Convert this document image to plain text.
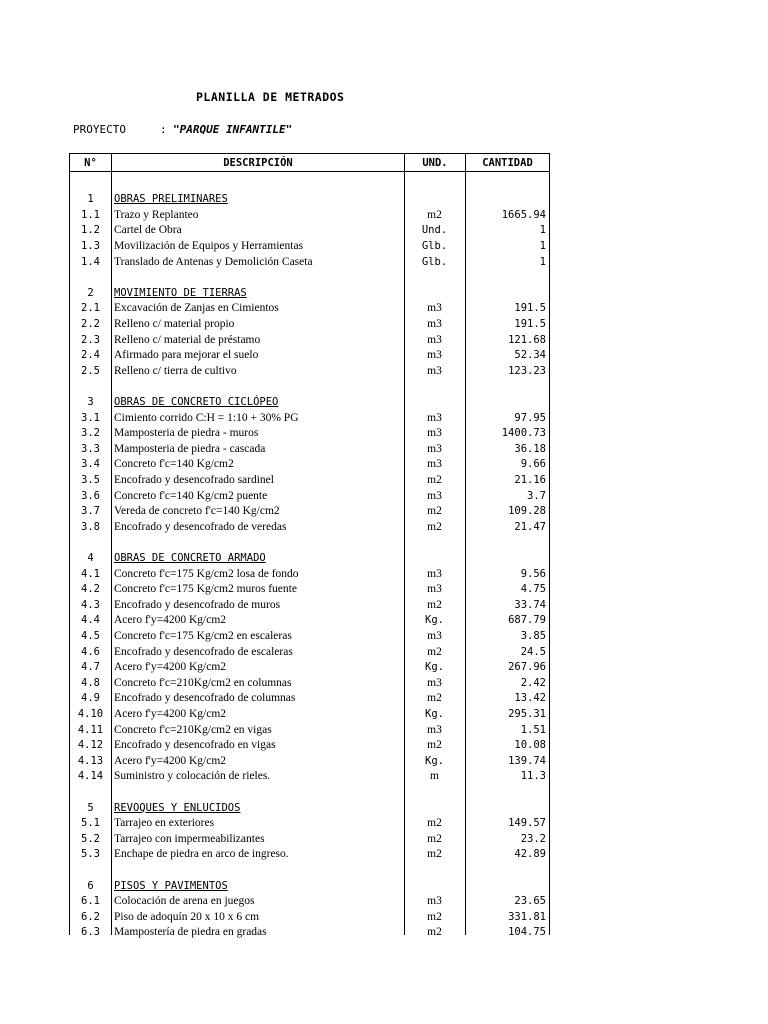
PLANILLA DE METRADOS
PROYECTO	: "PARQUE INFANTILE"
N°	DESCRIPCIÓN	UND.	CANTIDAD
1	OBRAS PRELIMINARES
1.1	Trazo y Replanteo	m2	1665.94
1.2	Cartel de Obra	Und.	1
1.3	Movilización de Equipos y Herramientas	Glb.	1
1.4	Translado de Antenas y Demolición Caseta	Glb.	1
2	MOVIMIENTO DE TIERRAS
2.1	Excavación de Zanjas en Cimientos	m3	191.5
2.2	Relleno c/ material propio	m3	191.5
2.3	Relleno c/ material de préstamo	m3	121.68
2.4	Afirmado para mejorar el suelo	m3	52.34
2.5	Relleno c/ tierra de cultivo	m3	123.23
3	OBRAS DE CONCRETO CICLÓPEO
3.1	Cimiento corrido C:H = 1:10 + 30% PG	m3	97.95
3.2	Mamposteria de piedra - muros	m3	1400.73
3.3	Mamposteria de piedra - cascada	m3	36.18
3.4	Concreto f'c=140 Kg/cm2	m3	9.66
3.5	Encofrado y desencofrado sardinel	m2	21.16
3.6	Concreto f'c=140 Kg/cm2 puente	m3	3.7
3.7	Vereda de concreto f'c=140 Kg/cm2	m2	109.28
3.8	Encofrado y desencofrado de veredas	m2	21.47
4	OBRAS DE CONCRETO ARMADO
4.1	Concreto f'c=175 Kg/cm2 losa de fondo	m3	9.56
4.2	Concreto f'c=175 Kg/cm2 muros fuente	m3	4.75
4.3	Encofrado y desencofrado de muros	m2	33.74
4.4	Acero f'y=4200 Kg/cm2	Kg.	687.79
4.5	Concreto f'c=175 Kg/cm2 en escaleras	m3	3.85
4.6	Encofrado y desencofrado de escaleras	m2	24.5
4.7	Acero f'y=4200 Kg/cm2	Kg.	267.96
4.8	Concreto f'c=210Kg/cm2 en columnas	m3	2.42
4.9	Encofrado y desencofrado de columnas	m2	13.42
4.10 Acero f'y=4200 Kg/cm2	Kg.	295.31
4.11 Concreto f'c=210Kg/cm2 en vigas	m3	1.51
4.12 Encofrado y desencofrado en vigas	m2	10.08
4.13 Acero f'y=4200 Kg/cm2	Kg.	139.74
4.14 Suministro y colocación de rieles.	m	11.3
5	REVOQUES Y ENLUCIDOS
5.1	Tarrajeo en exteriores	m2	149.57
5.2	Tarrajeo con impermeabilizantes	m2	23.2
5.3	Enchape de piedra en arco de ingreso.	m2	42.89
6	PISOS Y PAVIMENTOS
6.1	Colocación de arena en juegos	m3	23.65
6.2	Piso de adoquín 20 x 10 x 6 cm	m2	331.81
6.3	Mampostería de piedra en gradas	m2	104.75
